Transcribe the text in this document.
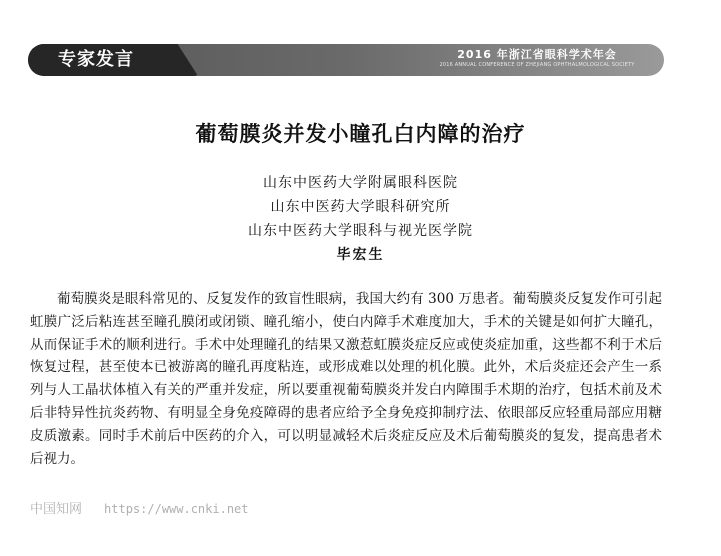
专家发言	2016 年浙江省眼科学术年会
2016 ANNUAL CONFERENCE OF ZHEJIANG OPHTHALMOLOGICAL SOCIETY
葡萄膜炎并发小瞳孔白内障的治疗
山东中医药大学附属眼科医院
山东中医药大学眼科研究所
山东中医药大学眼科与视光医学院
毕宏生

葡萄膜炎是眼科常见的、反复发作的致盲性眼病，我国大约有 300 万患者。葡萄膜炎反复发作可引起虹膜广泛后粘连甚至瞳孔膜闭或闭锁、瞳孔缩小，使白内障手术难度加大，手术的关键是如何扩大瞳孔，从而保证手术的顺利进行。手术中处理瞳孔的结果又激惹虹膜炎症反应或使炎症加重，这些都不利于术后恢复过程，甚至使本已被游离的瞳孔再度粘连，或形成难以处理的机化膜。此外，术后炎症还会产生一系列与人工晶状体植入有关的严重并发症，所以要重视葡萄膜炎并发白内障围手术期的治疗，包括术前及术后非特异性抗炎药物、有明显全身免疫障碍的患者应给予全身免疫抑制疗法、依眼部反应轻重局部应用糖皮质激素。同时手术前后中医药的介入，可以明显减轻术后炎症反应及术后葡萄膜炎的复发，提高患者术后视力。

中国知网 https://www.cnki.net
